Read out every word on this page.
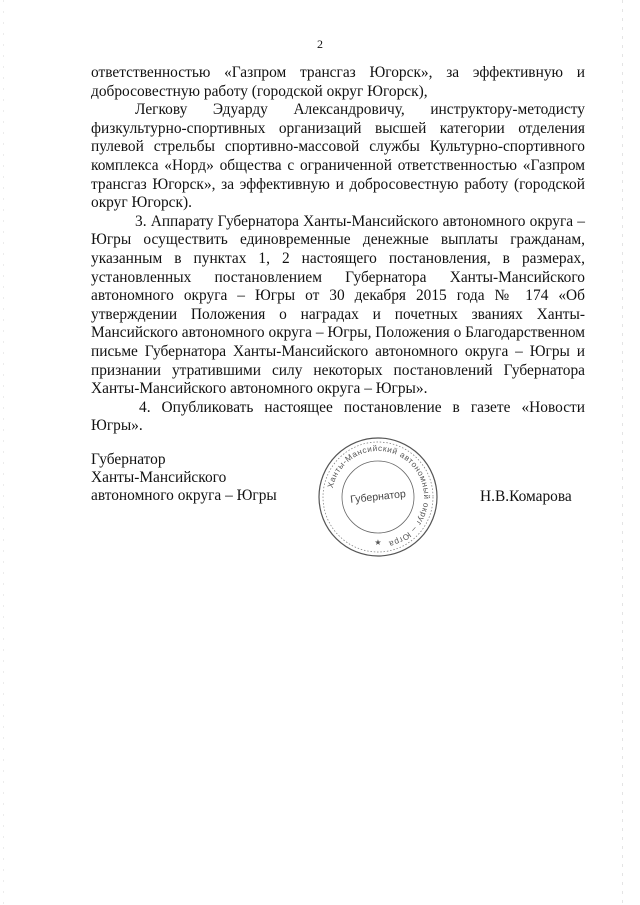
2

ответственностью «Газпром трансгаз Югорск», за эффективную и добросовестную работу (городской округ Югорск),

Легкову Эдуарду Александровичу, инструктору-методисту физкультурно-спортивных организаций высшей категории отделения пулевой стрельбы спортивно-массовой службы Культурно-спортивного комплекса «Норд» общества с ограниченной ответственностью «Газпром трансгаз Югорск», за эффективную и добросовестную работу (городской округ Югорск).

3. Аппарату Губернатора Ханты-Мансийского автономного округа – Югры осуществить единовременные денежные выплаты гражданам, указанным в пунктах 1, 2 настоящего постановления, в размерах, установленных постановлением Губернатора Ханты-Мансийского автономного округа – Югры от 30 декабря 2015 года № 174 «Об утверждении Положения о наградах и почетных званиях Ханты-Мансийского автономного округа – Югры, Положения о Благодарственном письме Губернатора Ханты-Мансийского автономного округа – Югры и признании утратившими силу некоторых постановлений Губернатора Ханты-Мансийского автономного округа – Югры».

4. Опубликовать настоящее постановление в газете «Новости Югры».

Губернатор
Ханты-Мансийского
автономного округа – Югры
Ханты-Мансийский автономный округ – Югра
Губернатор
★
Н.В.Комарова
